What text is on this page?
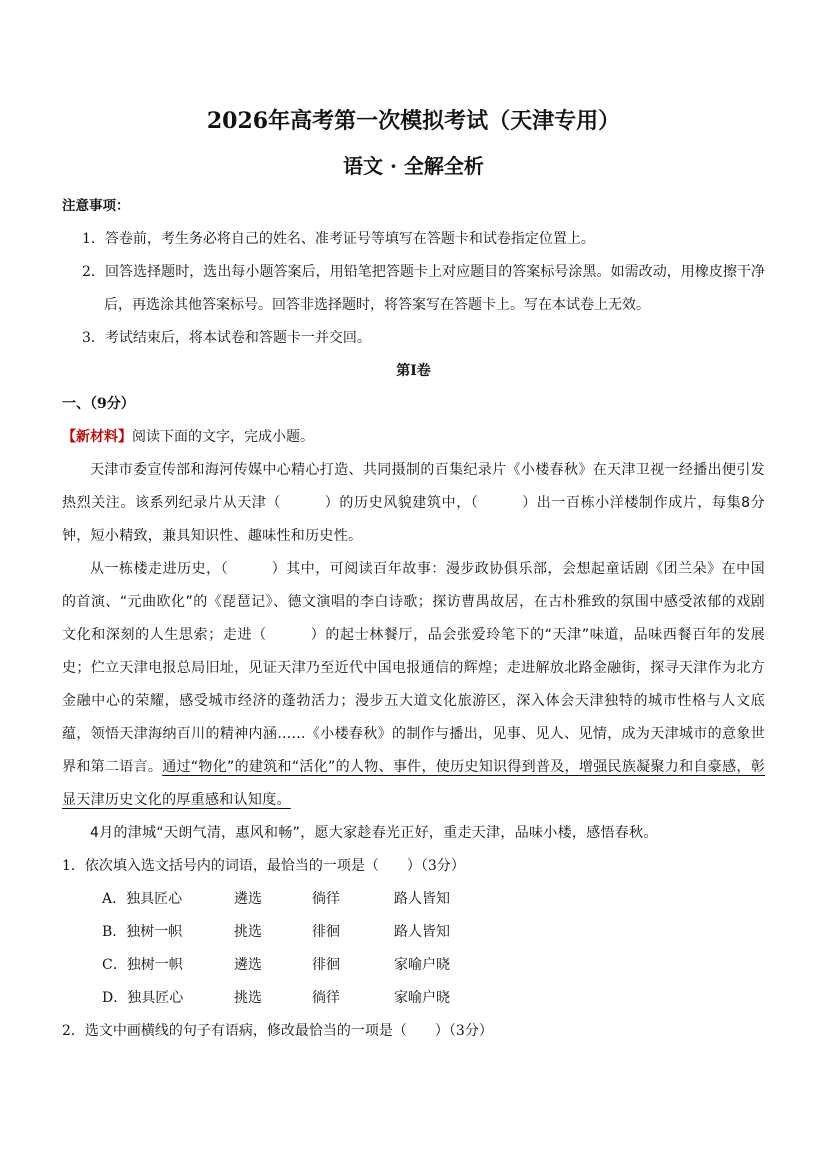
2026年高考第一次模拟考试（天津专用）
语文 · 全解全析
注意事项：
1．答卷前，考生务必将自己的姓名、准考证号等填写在答题卡和试卷指定位置上。
2．回答选择题时，选出每小题答案后，用铅笔把答题卡上对应题目的答案标号涂黑。如需改动，用橡皮擦干净后，再选涂其他答案标号。回答非选择题时，将答案写在答题卡上。写在本试卷上无效。
3．考试结束后，将本试卷和答题卡一并交回。
第Ⅰ卷
一、（9分）
【新材料】阅读下面的文字，完成小题。
天津市委宣传部和海河传媒中心精心打造、共同摄制的百集纪录片《小楼春秋》在天津卫视一经播出便引发热烈关注。该系列纪录片从天津（　　　）的历史风貌建筑中，（　　　）出一百栋小洋楼制作成片，每集8分钟，短小精致，兼具知识性、趣味性和历史性。
从一栋楼走进历史，（　　　）其中，可阅读百年故事：漫步政协俱乐部，会想起童话剧《团兰朵》在中国的首演、“元曲欧化”的《琵琶记》、德文演唱的李白诗歌；探访曹禺故居，在古朴雅致的氛围中感受浓郁的戏剧文化和深刻的人生思索；走进（　　　）的起士林餐厅，品会张爱玲笔下的“天津”味道，品味西餐百年的发展史；伫立天津电报总局旧址，见证天津乃至近代中国电报通信的辉煌；走进解放北路金融街，探寻天津作为北方金融中心的荣耀，感受城市经济的蓬勃活力；漫步五大道文化旅游区，深入体会天津独特的城市性格与人文底蕴，领悟天津海纳百川的精神内涵……《小楼春秋》的制作与播出，见事、见人、见情，成为天津城市的意象世界和第二语言。通过“物化”的建筑和“活化”的人物、事件，使历史知识得到普及，增强民族凝聚力和自豪感，彰显天津历史文化的厚重感和认知度。
4月的津城“天朗气清，惠风和畅”，愿大家趁春光正好，重走天津，品味小楼，感悟春秋。
1．依次填入选文括号内的词语，最恰当的一项是（　　）（3分）
A．独具匠心	遴选	徜徉	路人皆知
B．独树一帜	挑选	徘徊	路人皆知
C．独树一帜	遴选	徘徊	家喻户晓
D．独具匠心	挑选	徜徉	家喻户晓
2．选文中画横线的句子有语病，修改最恰当的一项是（　　）（3分）
